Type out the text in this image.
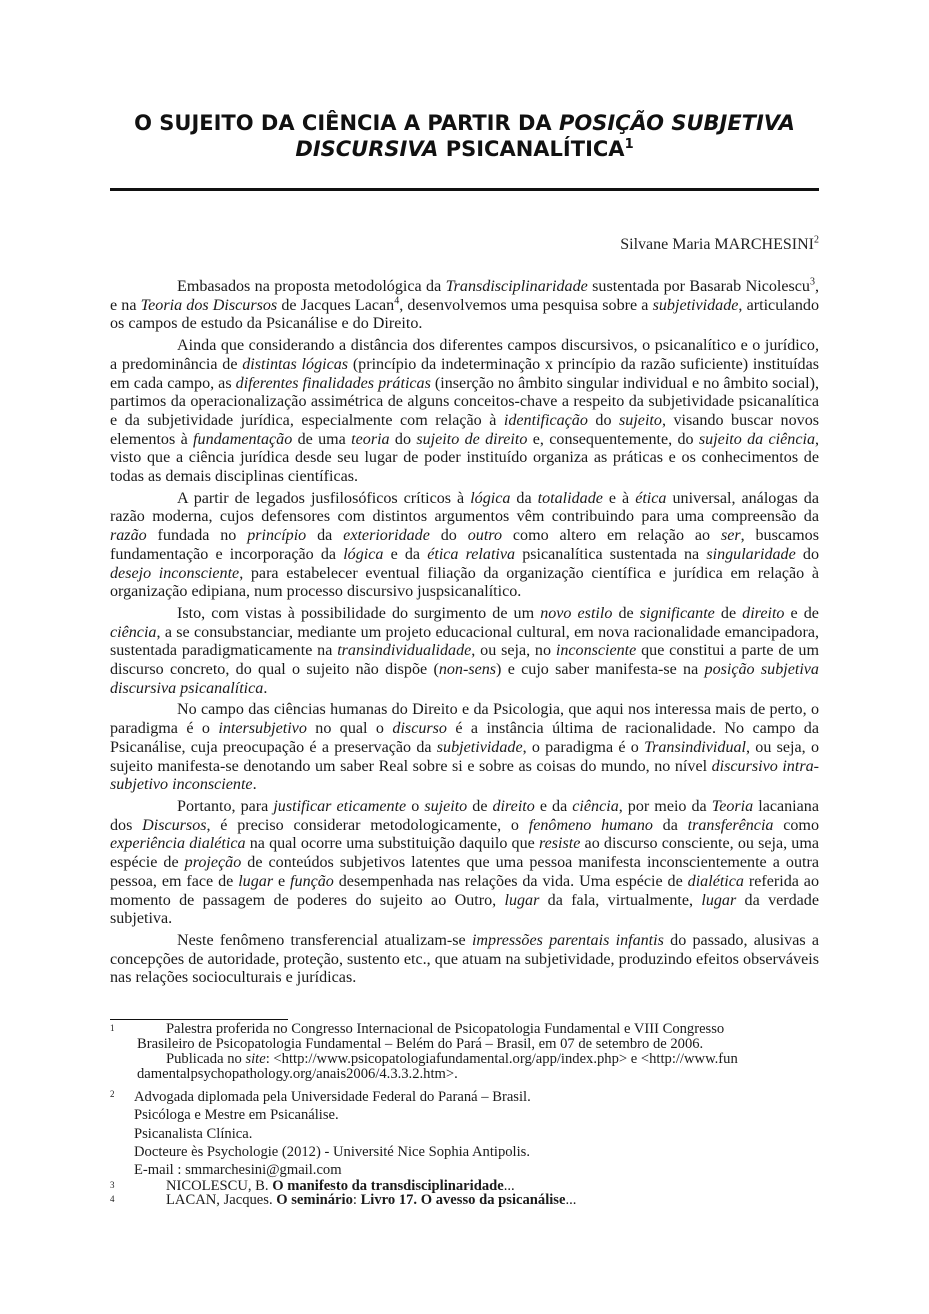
O SUJEITO DA CIÊNCIA A PARTIR DA POSIÇÃO SUBJETIVA
DISCURSIVA PSICANALÍTICA$^1$
Silvane Maria MARCHESINI$^2$

Embasados na proposta metodológica da Transdisciplinaridade sustentada por Basarab Nicolescu$^3$, e na Teoria dos Discursos de Jacques Lacan$^4$, desenvolvemos uma pesquisa sobre a subjetividade, articulando os campos de estudo da Psicanálise e do Direito.

Ainda que considerando a distância dos diferentes campos discursivos, o psicanalítico e o jurídico, a predominância de distintas lógicas (princípio da indeterminação x princípio da razão suficiente) instituídas em cada campo, as diferentes finalidades práticas (inserção no âmbito singular individual e no âmbito social), partimos da operacionalização assimétrica de alguns conceitos-chave a respeito da subjetividade psicanalítica e da subjetividade jurídica, especialmente com relação à identificação do sujeito, visando buscar novos elementos à fundamentação de uma teoria do sujeito de direito e, consequentemente, do sujeito da ciência, visto que a ciência jurídica desde seu lugar de poder instituído organiza as práticas e os conhecimentos de todas as demais disciplinas científicas.

A partir de legados jusfilosóficos críticos à lógica da totalidade e à ética universal, análogas da razão moderna, cujos defensores com distintos argumentos vêm contribuindo para uma compreensão da razão fundada no princípio da exterioridade do outro como altero em relação ao ser, buscamos fundamentação e incorporação da lógica e da ética relativa psicanalítica sustentada na singularidade do desejo inconsciente, para estabelecer eventual filiação da organização científica e jurídica em relação à organização edipiana, num processo discursivo juspsicanalítico.

Isto, com vistas à possibilidade do surgimento de um novo estilo de significante de direito e de ciência, a se consubstanciar, mediante um projeto educacional cultural, em nova racionalidade emancipadora, sustentada paradigmaticamente na transindividualidade, ou seja, no inconsciente que constitui a parte de um discurso concreto, do qual o sujeito não dispõe (non-sens) e cujo saber manifesta-se na posição subjetiva discursiva psicanalítica.

No campo das ciências humanas do Direito e da Psicologia, que aqui nos interessa mais de perto, o paradigma é o intersubjetivo no qual o discurso é a instância última de racionalidade. No campo da Psicanálise, cuja preocupação é a preservação da subjetividade, o paradigma é o Transindividual, ou seja, o sujeito manifesta-se denotando um saber Real sobre si e sobre as coisas do mundo, no nível discursivo intra-subjetivo inconsciente.

Portanto, para justificar eticamente o sujeito de direito e da ciência, por meio da Teoria lacaniana dos Discursos, é preciso considerar metodologicamente, o fenômeno humano da transferência como experiência dialética na qual ocorre uma substituição daquilo que resiste ao discurso consciente, ou seja, uma espécie de projeção de conteúdos subjetivos latentes que uma pessoa manifesta inconscientemente a outra pessoa, em face de lugar e função desempenhada nas relações da vida. Uma espécie de dialética referida ao momento de passagem de poderes do sujeito ao Outro, lugar da fala, virtualmente, lugar da verdade subjetiva.

Neste fenômeno transferencial atualizam-se impressões parentais infantis do passado, alusivas a concepções de autoridade, proteção, sustento etc., que atuam na subjetividade, produzindo efeitos observáveis nas relações socioculturais e jurídicas.

1	Palestra proferida no Congresso Internacional de Psicopatologia Fundamental e VIII Congresso
Brasileiro de Psicopatologia Fundamental – Belém do Pará – Brasil, em 07 de setembro de 2006.
Publicada no site: <http://www.psicopatologiafundamental.org/app/index.php> e <http://www.fun
damentalpsychopathology.org/anais2006/4.3.3.2.htm>.
2	Advogada diplomada pela Universidade Federal do Paraná – Brasil.
Psicóloga e Mestre em Psicanálise.
Psicanalista Clínica.
Docteure ès Psychologie (2012) - Université Nice Sophia Antipolis.
E-mail : smmarchesini@gmail.com
3	NICOLESCU, B. O manifesto da transdisciplinaridade...
4	LACAN, Jacques. O seminário: Livro 17. O avesso da psicanálise...
